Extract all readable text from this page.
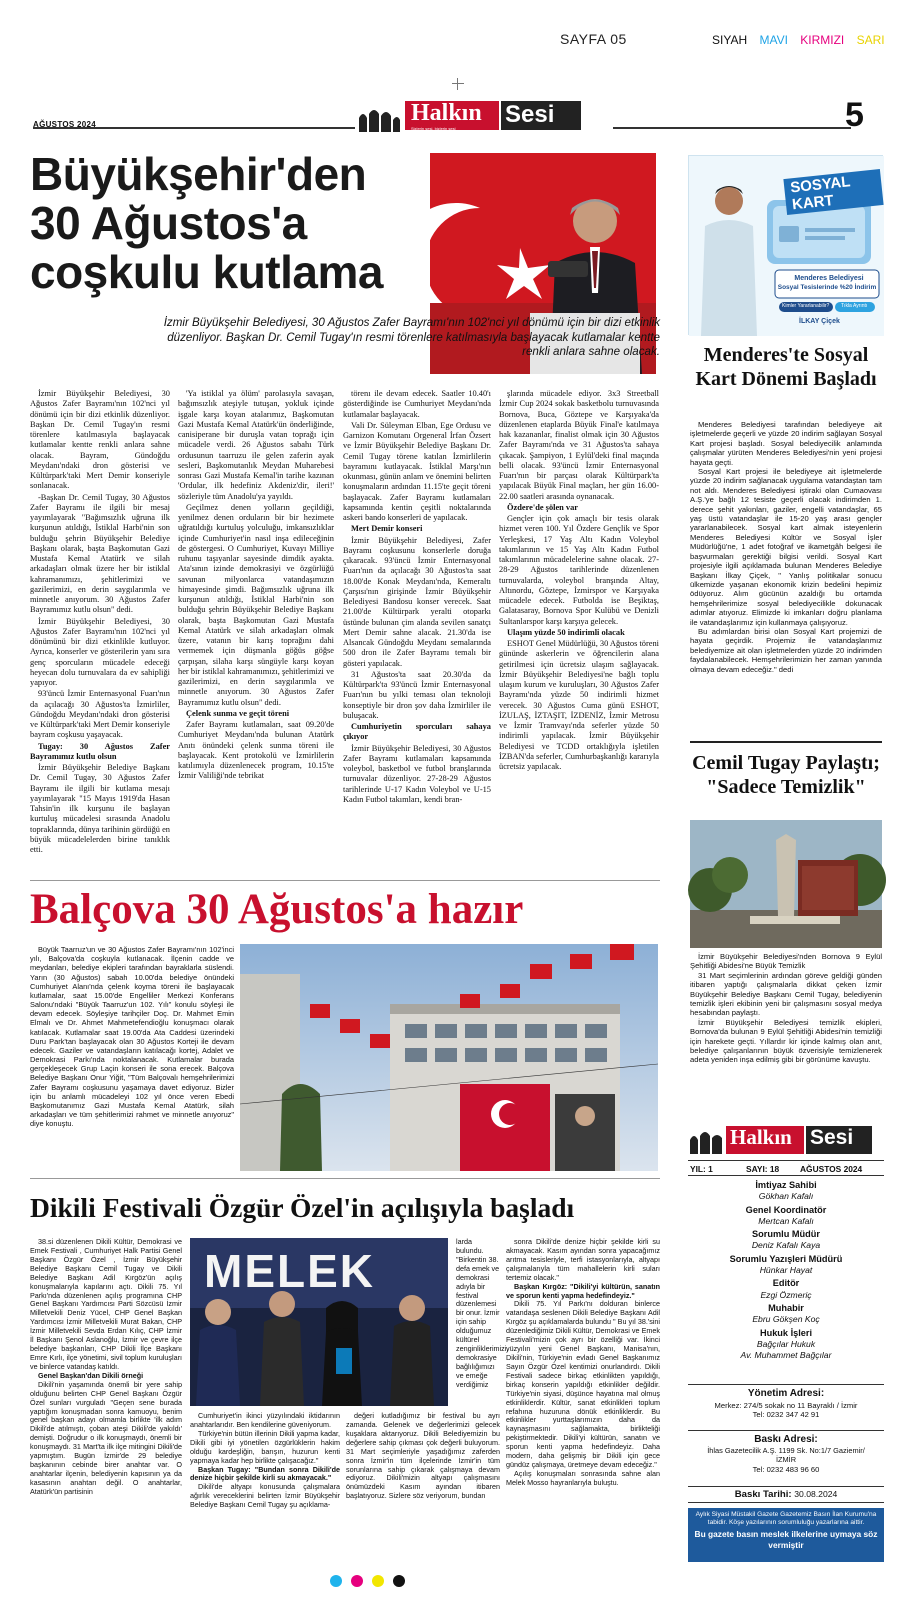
SAYFA 05	SIYAH MAVI KIRMIZI SARI
AĞUSTOS 2024	Halkın Sesi
Sizlerin sesi, bizlerin sesi	5
Büyükşehir'den 30 Ağustos'a coşkulu kutlama
İzmir Büyükşehir Belediyesi, 30 Ağustos Zafer Bayramı'nın 102'nci yıl dönümü için bir dizi etkinlik düzenliyor. Başkan Dr. Cemil Tugay'ın resmi törenlere katılmasıyla başlayacak kutlamalar kentte renkli anlara sahne olacak.

İzmir Büyükşehir Belediyesi, 30 Ağustos Zafer Bayramı'nın 102'nci yıl dönümü için bir dizi etkinlik düzenliyor. Başkan Dr. Cemil Tugay'ın resmi törenlere katılmasıyla başlayacak kutlamalar kentte renkli anlara sahne olacak. Bayram, Gündoğdu Meydanı'ndaki dron gösterisi ve Kültürpark'taki Mert Demir konseriyle sonlanacak.

-Başkan Dr. Cemil Tugay, 30 Ağustos Zafer Bayramı ile ilgili bir mesaj yayımlayarak "Bağımsızlık uğruna ilk kurşunun atıldığı, İstiklal Harbi'nin son bulduğu şehrin Büyükşehir Belediye Başkanı olarak, başta Başkomutan Gazi Mustafa Kemal Atatürk ve silah arkadaşları olmak üzere her bir istiklal kahramanımızı, şehitlerimizi ve gazilerimizi, en derin saygılarımla ve minnetle anıyorum. 30 Ağustos Zafer Bayramımız kutlu olsun" dedi.

İzmir Büyükşehir Belediyesi, 30 Ağustos Zafer Bayramı'nın 102'nci yıl dönümünü bir dizi etkinlikle kutluyor. Ayrıca, konserler ve gösterilerin yanı sıra genç sporcuların mücadele edeceği heyecan dolu turnuvalara da ev sahipliği yapıyor.

93'üncü İzmir Enternasyonal Fuarı'nın da açılacağı 30 Ağustos'ta İzmirliler, Gündoğdu Meydanı'ndaki dron gösterisi ve Kültürpark'taki Mert Demir konseriyle bayram coşkusu yaşayacak.

Tugay: 30 Ağustos Zafer Bayramımız kutlu olsun

İzmir Büyükşehir Belediye Başkanı Dr. Cemil Tugay, 30 Ağustos Zafer Bayramı ile ilgili bir kutlama mesajı yayımlayarak "15 Mayıs 1919'da Hasan Tahsin'in ilk kurşunu ile başlayan kurtuluş mücadelesi sırasında Anadolu topraklarında, dünya tarihinin gördüğü en büyük mücadelelerden birine tanıklık etti.

'Ya istiklal ya ölüm' parolasıyla savaşan, bağımsızlık ateşiyle tutuşan, yokluk içinde işgale karşı koyan atalarımız, Başkomutan Gazi Mustafa Kemal Atatürk'ün önderliğinde, canisiperane bir duruşla vatan toprağı için mücadele verdi. 26 Ağustos sabahı Türk ordusunun taarruzu ile gelen zaferin ayak sesleri, Başkomutanlık Meydan Muharebesi sonrası Gazi Mustafa Kemal'in tarihe kazınan 'Ordular, ilk hedefiniz Akdeniz'dir, ileri!' sözleriyle tüm Anadolu'ya yayıldı.

Geçilmez denen yolların geçildiği, yenilmez denen orduların bir bir hezimete uğratıldığı kurtuluş yolculuğu, imkansızlıklar içinde Cumhuriyet'in nasıl inşa edileceğinin de göstergesi. O Cumhuriyet, Kuvayı Milliye ruhunu taşıyanlar sayesinde dimdik ayakta. Ata'sının izinde demokrasiyi ve özgürlüğü savunan milyonlarca vatandaşımızın himayesinde şimdi. Bağımsızlık uğruna ilk kurşunun atıldığı, İstiklal Harbi'nin son bulduğu şehrin Büyükşehir Belediye Başkanı olarak, başta Başkomutan Gazi Mustafa Kemal Atatürk ve silah arkadaşları olmak üzere, vatanın bir karış toprağını dahi vermemek için düşmanla göğüs göğse çarpışan, silaha karşı süngüyle karşı koyan her bir istiklal kahramanımızı, şehitlerimizi ve gazilerimizi, en derin saygılarımla ve minnetle anıyorum. 30 Ağustos Zafer Bayramımız kutlu olsun" dedi.

Çelenk sunma ve geçit töreni

Zafer Bayramı kutlamaları, saat 09.20'de Cumhuriyet Meydanı'nda bulunan Atatürk Anıtı önündeki çelenk sunma töreni ile başlayacak. Kent protokolü ve İzmirlilerin katılımıyla düzenlenecek program, 10.15'te İzmir Valiliği'nde tebrikat

törenı ile devam edecek. Saatler 10.40'ı gösterdiğinde ise Cumhuriyet Meydanı'nda kutlamalar başlayacak.

Vali Dr. Süleyman Elban, Ege Ordusu ve Garnizon Komutanı Orgeneral İrfan Özsert ve İzmir Büyükşehir Belediye Başkanı Dr. Cemil Tugay törene katılan İzmirlilerin bayramını kutlayacak. İstiklal Marşı'nın okunması, günün anlam ve önemini belirten konuşmaların ardından 11.15'te geçit töreni başlayacak. Zafer Bayramı kutlamaları kapsamında kentin çeşitli noktalarında askeri bando konserleri de yapılacak.

Mert Demir konseri

İzmir Büyükşehir Belediyesi, Zafer Bayramı coşkusunu konserlerle doruğa çıkaracak. 93'üncü İzmir Enternasyonal Fuarı'nın da açılacağı 30 Ağustos'ta saat 18.00'de Konak Meydanı'nda, Kemeraltı Çarşısı'nın girişinde İzmir Büyükşehir Belediyesi Bandosu konser verecek. Saat 21.00'de Kültürpark yeralti otoparkı üstünde bulunan çim alanda sevilen sanatçı Mert Demir sahne alacak. 21.30'da ise Alsancak Gündoğdu Meydanı semalarında 500 dron ile Zafer Bayramı temalı bir gösteri yapılacak.

31 Ağustos'ta saat 20.30'da da Kültürpark'ta 93'üncü İzmir Enternasyonal Fuarı'nın bu yılki teması olan teknoloji konseptiyle bir dron şov daha İzmirliler ile buluşacak.

Cumhuriyetin sporcuları sahaya çıkıyor

İzmir Büyükşehir Belediyesi, 30 Ağustos Zafer Bayramı kutlamaları kapsamında voleybol, basketbol ve futbol branşlarında turnuvalar düzenliyor. 27-28-29 Ağustos tarihlerinde U-17 Kadın Voleybol ve U-15 Kadın Futbol takımları, kendi bran-

şlarında mücadele ediyor. 3x3 Streetball İzmir Cup 2024 sokak basketbolu turnuvasında Bornova, Buca, Göztepe ve Karşıyaka'da düzenlenen etaplarda Büyük Final'e katılmaya hak kazananlar, finalist olmak için 30 Ağustos Zafer Bayramı'nda ve 31 Ağustos'ta sahaya çıkacak. Şampiyon, 1 Eylül'deki final maçında belli olacak. 93'üncü İzmir Enternasyonal Fuarı'nın bir parçası olarak Kültürpark'ta yapılacak Büyük Final maçları, her gün 16.00-22.00 saatleri arasında oynanacak.

Özdere'de şölen var

Gençler için çok amaçlı bir tesis olarak hizmet veren 100. Yıl Özdere Gençlik ve Spor Yerleşkesi, 17 Yaş Altı Kadın Voleybol takımlarının ve 15 Yaş Altı Kadın Futbol takımlarının mücadelelerine sahne olacak. 27-28-29 Ağustos tarihlerinde düzenlenen turnuvalarda, voleybol branşında Altay, Altınordu, Göztepe, İzmirspor ve Karşıyaka mücadele edecek. Futbolda ise Beşiktaş, Galatasaray, Bornova Spor Kulübü ve Denizli Sultanlarspor karşı karşıya gelecek.

Ulaşım yüzde 50 indirimli olacak

ESHOT Genel Müdürlüğü, 30 Ağustos töreni gününde askerlerin ve öğrencilerin alana getirilmesi için ücretsiz ulaşım sağlayacak. İzmir Büyükşehir Belediyesi'ne bağlı toplu ulaşım kurum ve kuruluşları, 30 Ağustos Zafer Bayramı'nda yüzde 50 indirimli hizmet verecek. 30 Ağustos Cuma günü ESHOT, İZULAŞ, İZTAŞIT, İZDENİZ, İzmir Metrosu ve İzmir Tramvayı'nda seferler yüzde 50 indirimli yapılacak. İzmir Büyükşehir Belediyesi ve TCDD ortaklığıyla işletilen İZBAN'da seferler, Cumhurbaşkanlığı kararıyla ücretsiz yapılacak.

SOSYAL KART
Menderes Belediyesi
Sosyal Tesislerinde %20 İndirim
Kimler Yararlanabilir? Tıkla Ayrıntı
İLKAY Çiçek
Menderes'te Sosyal Kart Dönemi Başladı

Menderes Belediyesi tarafından belediyeye ait işletmelerde geçerli ve yüzde 20 indirim sağlayan Sosyal Kart projesi başladı. Sosyal belediyecilik anlamında çalışmalar yürüten Menderes Belediyesi'nin yeni projesi hayata geçti.

Sosyal Kart projesi ile belediyeye ait işletmelerde yüzde 20 indirim sağlanacak uygulama vatandaştan tam not aldı. Menderes Belediyesi iştiraki olan Cumaovası A.Ş.'ye bağlı 12 tesiste geçerli olacak indirimden 1. derece şehit yakınları, gaziler, engelli vatandaşlar, 65 yaş üstü vatandaşlar ile 15-20 yaş arası gençler yararlanabilecek. Sosyal kart almak isteyenlerin Menderes Belediyesi Kültür ve Sosyal İşler Müdürlüğü'ne, 1 adet fotoğraf ve ikametgâh belgesi ile başvurmaları gerektiği bilgisi verildi. Sosyal Kart projesiyle ilgili açıklamada bulunan Menderes Belediye Başkanı İlkay Çiçek, " Yanlış politikalar sonucu ülkemizde yaşanan ekonomik krizin bedelini hepimiz ödüyoruz. Alım gücünün azaldığı bu ortamda hemşehrilerimize sosyal belediyecilikle dokunacak adımlar atıyoruz. Elimizde ki imkanları doğru planlama ile vatandaşlarımız için kullanmaya çalışıyoruz.

Bu adımlardan birisi olan Sosyal Kart projemizi de hayata geçirdik. Projemiz ile vatandaşlarımız belediyemize ait olan işletmelerden yüzde 20 indirimden faydalanabilecek. Hemşehrilerimizin her zaman yanında olmaya devam edeceğiz." dedi

Cemil Tugay Paylaştı; "Sadece Temizlik"

İzmir Büyükşehir Belediyesi'nden Bornova 9 Eylül Şehitliği Abidesi'ne Büyük Temizlik

31 Mart seçimlerinin ardından göreve geldiği günden itibaren yaptığı çalışmalarla dikkat çeken İzmir Büyükşehir Belediye Başkanı Cemil Tugay, belediyenin temizlik işleri ekibinin yeni bir çalışmasını sosyal medya hesabından paylaştı.

İzmir Büyükşehir Belediyesi temizlik ekipleri, Bornova'da bulunan 9 Eylül Şehitliği Abidesi'nin temizliği için harekete geçti. Yıllardır kir içinde kalmış olan anıt, belediye çalışanlarının büyük özverisiyle temizlenerek adeta yeniden inşa edilmiş gibi bir görünüme kavuştu.

Balçova 30 Ağustos'a hazır

Büyük Taarruz'un ve 30 Ağustos Zafer Bayramı'nın 102'inci yılı, Balçova'da coşkuyla kutlanacak. İlçenin cadde ve meydanları, belediye ekipleri tarafından bayraklarla süslendi. Yarın (30 Ağustos) sabah 10.00'da belediye önündeki Cumhuriyet Alanı'nda çelenk koyma töreni ile başlayacak kutlamalar, saat 15.00'de Engelliler Merkezi Konferans Salonu'ndaki "Büyük Taarruz'un 102. Yılı" konulu söyleşi ile devam edecek. Söyleşiye tarihçiler Doç. Dr. Mahmet Emin Elmalı ve Dr. Ahmet Mahmetefendioğlu konuşmacı olarak katılacak. Kutlamalar saat 19.00'da Ata Caddesi üzerindeki Duru Park'tan başlayacak olan 30 Ağustos Korteji ile devam edecek. Gaziler ve vatandaşların katılacağı kortej, Adalet ve Demokrasi Parkı'nda noktalanacak. Kutlamalar burada gerçekleşecek Grup Laçin konseri ile sona erecek. Balçova Belediye Başkanı Onur Yiğit, "Tüm Balçovalı hemşehrilerimizi Zafer Bayramı coşkusunu yaşamaya davet ediyoruz. Bizler için bu anlamlı mücadeleyi 102 yıl önce veren Ebedi Başkomutanımız Gazi Mustafa Kemal Atatürk, silah arkadaşları ve tüm şehitlerimizi rahmet ve minnetle anıyoruz" diye konuştu.

Halkın Sesi
YIL: 1	SAYI: 18 AĞUSTOS 2024
İmtiyaz Sahibi
Gökhan Kafalı
Genel Koordinatör
Mertcan Kafalı
Sorumlu Müdür
Deniz Kafalı Kaya
Sorumlu Yazışleri Müdürü
Hünkar Hayat
Editör
Ezgi Özmeriç
Muhabir
Ebru Gökşen Koç
Hukuk İşleri
Bağçılar Hukuk
Av. Muhammet Bağçılar
Yönetim Adresi:
Merkez: 274/5 sokak no 11 Bayraklı / İzmir
Tel: 0232 347 42 91
Baskı Adresi:
İhlas Gazetecilik A.Ş. 1199 Sk. No:1/7 Gaziemir/İZMİR
Tel: 0232 483 96 60
Baskı Tarihi: 30.08.2024
Aylık Siyasi Müstakil Gazete Gazetemiz Basın İlan Kurumu'na tabidir. Köşe yazılarının sorumluluğu yazarlarına aittir.
Bu gazete basın meslek ilkelerine uymaya söz vermiştir
Dikili Festivali Özgür Özel'in açılışıyla başladı

38.si düzenlenen Dikili Kültür, Demokrasi ve Emek Festivali , Cumhuriyet Halk Partisi Genel Başkanı Özgür Özel , İzmir Büyükşehir Belediye Başkanı Cemil Tugay ve Dikili Belediye Başkanı Adil Kırgöz'ün açılış konuşmalarıyla kapılarını açtı. Dikili 75. Yıl Parkı'nda düzenlenen açılış programına CHP Genel Başkanı Yardımcısı Parti Sözcüsü İzmir Milletvekili Deniz Yücel, CHP Genel Başkan Yardımcısı İzmir Milletvekili Murat Bakan, CHP İzmir Milletvekili Sevda Erdan Kılıç, CHP İzmir İl Başkanı Şenol Aslanoğlu, İzmir ve çevre ilçe belediye başkanları, CHP Dikili İlçe Başkanı Emre Kırlı, ilçe yönetimi, sivil toplum kuruluşları ve binlerce vatandaş katıldı.

Genel Başkan'dan Dikili örneği

Dikili'nin yaşamında önemli bir yere sahip olduğunu belirten CHP Genel Başkanı Özgür Özel sunları vurguladı "Geçen sene burada yaptığım konuşmadan sonra kamuoyu, benim genel başkan adayı olmamla birlikte 'ilk adım Dikili'de atılmıştı, çoban ateşi Dikili'de yakıldı' demişti. Doğrudur o ilk konuşmaydı, önemli bir konuşmaydı. 31 Mart'ta ilk ilçe mitingini Dikili'de yapmıştım. Bugün İzmir'de 29 belediye başkanının cebinde birer anahtar var. O anahtarlar ilçenin, belediyenin kapısının ya da kasasının anahtarı değil. O anahtarlar, Atatürk'ün partisinin

MELEK

larda bulundu. "Birkentin 38. defa emek ve demokrasi adıyla bir festival düzenlemesi bir onur. İzmir için sahip olduğumuz kültürel zenginliklerimizi, demokrasiye bağlılığımızı ve emeğe verdiğimiz

Cumhuriyet'in ikinci yüzyılındaki iktidarının anahtarlarıdır. Ben kendilerine güveniyorum.

Türkiye'nin bütün illerinin Dikili yapma kadar, Dikili gibi iyi yönetilen özgürlüklerin hakim olduğu kardeşliğin, barışın, huzurun kenti yapmaya kadar hep birlikte çalışacağız."

Başkan Tugay: "Bundan sonra Dikili'de denize hiçbir şekilde kirli su akmayacak."

Dikili'de altyapı konusunda çalışmalara ağırlık vereceklerini belirten İzmir Büyükşehir Belediye Başkanı Cemil Tugay şu açıklama-

değeri kutladığımız bir festival bu ayrı zamanda. Gelenek ve değerlerimizi gelecek kuşaklara aktarıyoruz. Dikili Belediyemizin bu değerlere sahip çıkması çok değerli buluyorum. 31 Mart seçimleriyle yaşadığımız zaferden sonra İzmir'in tüm ilçelerinde İzmir'in tüm sorunlarına sahip çıkarak çalışmaya devam ediyoruz. Dikili'mizin altyapı çalışmasını önümüzdeki Kasım ayından itibaren başlatıyoruz. Sizlere söz veriyorum, bundan

sonra Dikili'de denize hiçbir şekilde kirli su akmayacak. Kasım ayından sonra yapacağımız arıtma tesisleriyle, terfi istasyonlarıyla, altyapı çalışmalarıyla tüm mahallelerin kirli suları tertemiz olacak."

Başkan Kırgöz: "Dikili'yi kültürün, sanatın ve sporun kenti yapma hedefindeyiz."

Dikili 75. Yıl Parkı'nı dolduran binlerce vatandaşa seslenen Dikili Belediye Başkanı Adil Kırgöz şu açıklamalarda bulundu " Bu yıl 38.'sini düzenlediğimiz Dikili Kültür, Demokrasi ve Emek Festivali'mizin çok ayrı bir özelliği var. İkinci yüzyılın yeni Genel Başkanı, Manisa'nın, Dikili'nin, Türkiye'nin evladı Genel Başkanımız Sayın Özgür Özel kentimizi onurlandırdı. Dikili Festivali sadece birkaç etkinlikten yapıldığı, birkaç konserin yapıldığı etkinlikler değildir. Türkiye'nin siyasi, düşünce hayatına mal olmuş etkinliklerdir. Kültür, sanat etkinlikleri toplum refahına huzuruna dönük etkinliklerdir. Bu etkinlikler yurttaşlarımızın daha da kaynaşmasını sağlamakta, birlikteliği pekiştirmektedir. Dikili'yi kültürün, sanatın ve sporun kenti yapma hedefindeyiz. Daha modern, daha gelişmiş bir Dikili için gece gündüz çalışmaya, üretmeye devam edeceğiz."

Açılış konuşmaları sonrasında sahne alan Melek Mosso hayranlarıyla buluştu.
